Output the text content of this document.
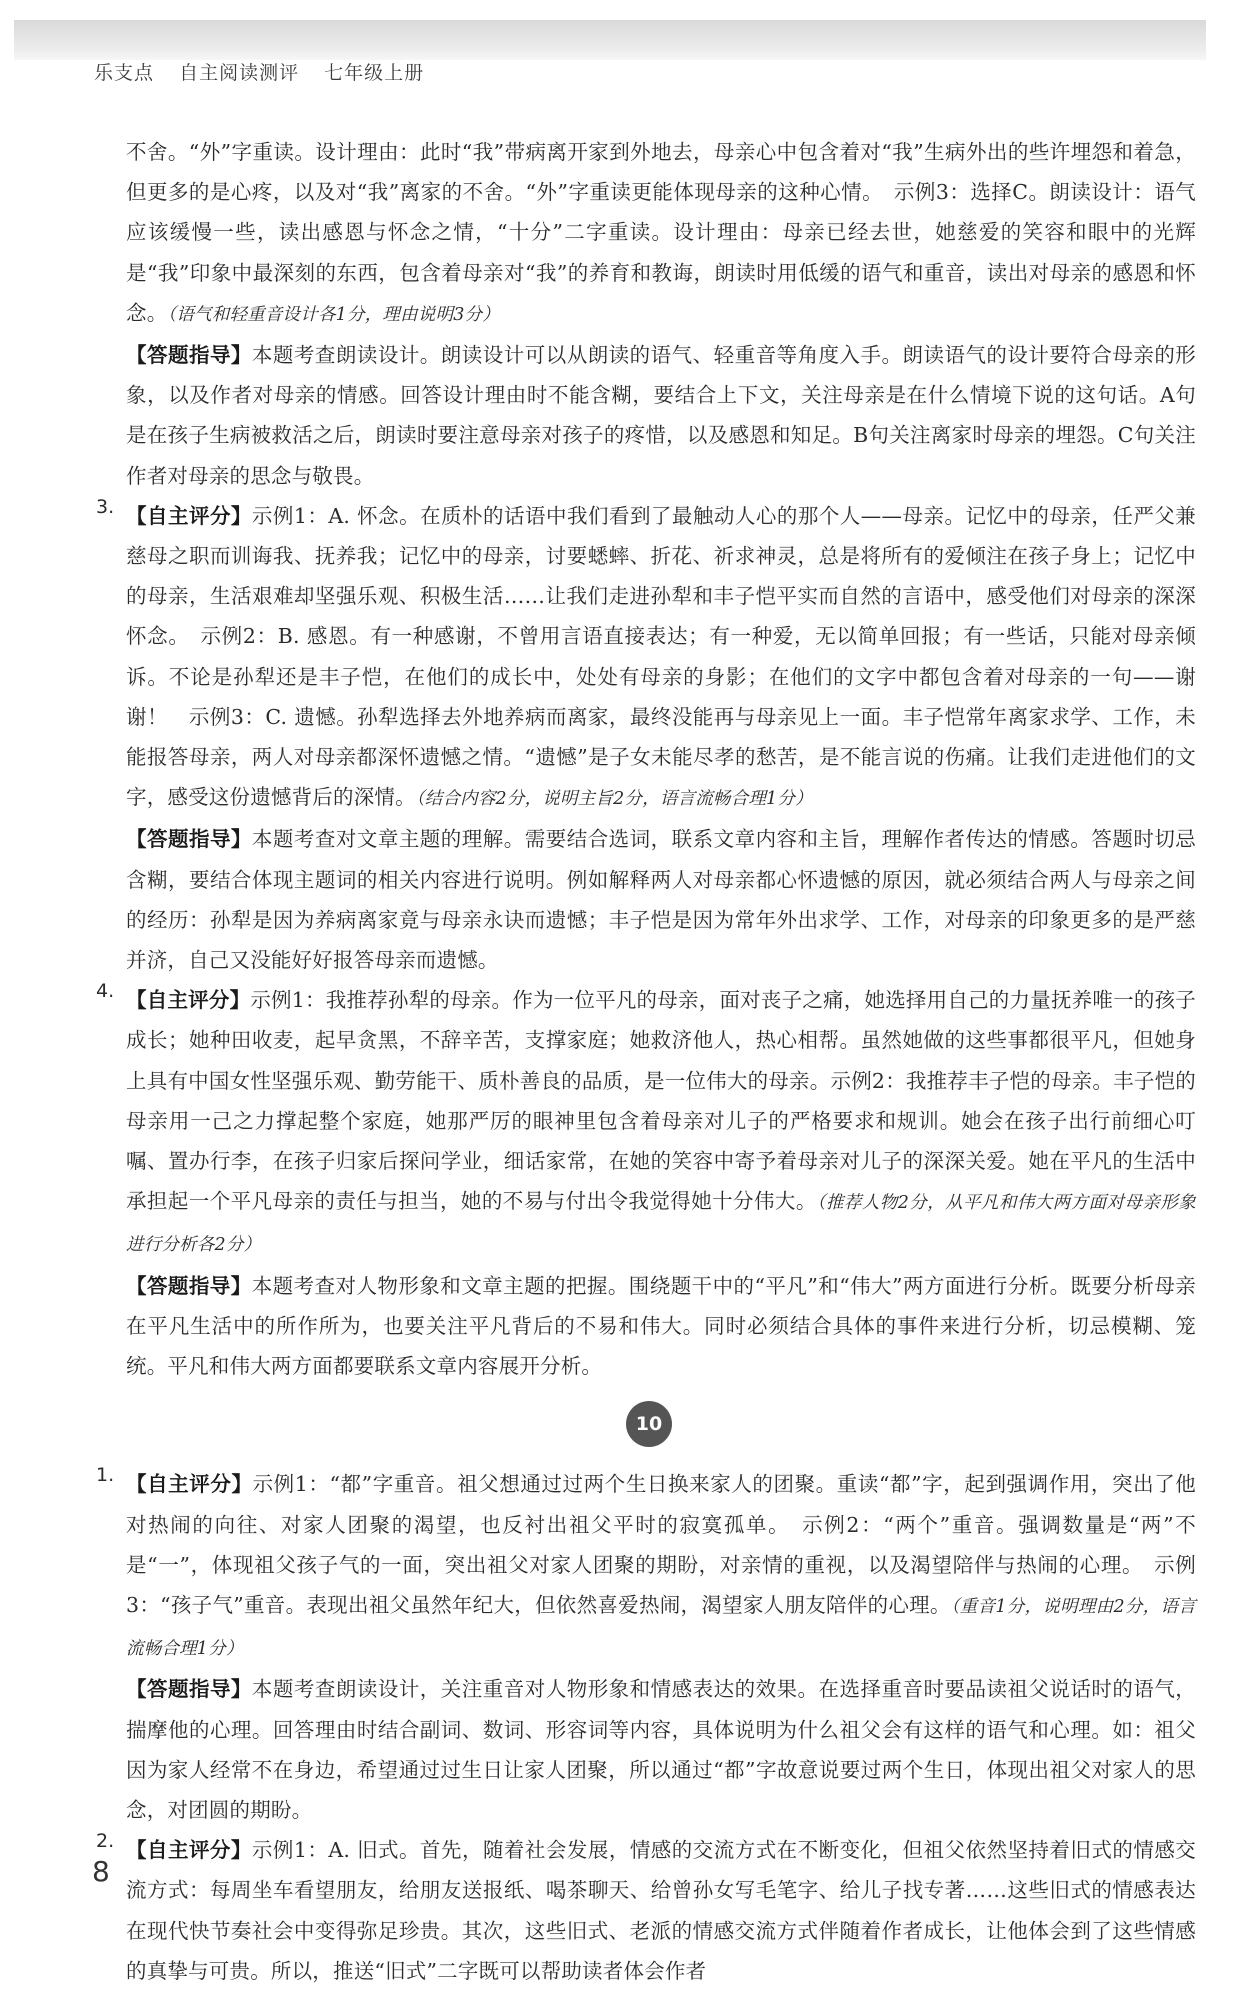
乐支点 自主阅读测评 七年级上册

不舍。“外”字重读。设计理由：此时“我”带病离开家到外地去，母亲心中包含着对“我”生病外出的些许埋怨和着急，但更多的是心疼，以及对“我”离家的不舍。“外”字重读更能体现母亲的这种心情。　示例3：选择C。朗读设计：语气应该缓慢一些，读出感恩与怀念之情，“十分”二字重读。设计理由：母亲已经去世，她慈爱的笑容和眼中的光辉是“我”印象中最深刻的东西，包含着母亲对“我”的养育和教诲，朗读时用低缓的语气和重音，读出对母亲的感恩和怀念。（语气和轻重音设计各1分，理由说明3分）

【答题指导】本题考查朗读设计。朗读设计可以从朗读的语气、轻重音等角度入手。朗读语气的设计要符合母亲的形象，以及作者对母亲的情感。回答设计理由时不能含糊，要结合上下文，关注母亲是在什么情境下说的这句话。A句是在孩子生病被救活之后，朗读时要注意母亲对孩子的疼惜，以及感恩和知足。B句关注离家时母亲的埋怨。C句关注作者对母亲的思念与敬畏。

3. 【自主评分】示例1：A. 怀念。在质朴的话语中我们看到了最触动人心的那个人——母亲。记忆中的母亲，任严父兼慈母之职而训诲我、抚养我；记忆中的母亲，讨要蟋蟀、折花、祈求神灵，总是将所有的爱倾注在孩子身上；记忆中的母亲，生活艰难却坚强乐观、积极生活……让我们走进孙犁和丰子恺平实而自然的言语中，感受他们对母亲的深深怀念。　示例2：B. 感恩。有一种感谢，不曾用言语直接表达；有一种爱，无以简单回报；有一些话，只能对母亲倾诉。不论是孙犁还是丰子恺，在他们的成长中，处处有母亲的身影；在他们的文字中都包含着对母亲的一句——谢谢！　示例3：C. 遗憾。孙犁选择去外地养病而离家，最终没能再与母亲见上一面。丰子恺常年离家求学、工作，未能报答母亲，两人对母亲都深怀遗憾之情。“遗憾”是子女未能尽孝的愁苦，是不能言说的伤痛。让我们走进他们的文字，感受这份遗憾背后的深情。（结合内容2分，说明主旨2分，语言流畅合理1分）

【答题指导】本题考查对文章主题的理解。需要结合选词，联系文章内容和主旨，理解作者传达的情感。答题时切忌含糊，要结合体现主题词的相关内容进行说明。例如解释两人对母亲都心怀遗憾的原因，就必须结合两人与母亲之间的经历：孙犁是因为养病离家竟与母亲永诀而遗憾；丰子恺是因为常年外出求学、工作，对母亲的印象更多的是严慈并济，自己又没能好好报答母亲而遗憾。

4. 【自主评分】示例1：我推荐孙犁的母亲。作为一位平凡的母亲，面对丧子之痛，她选择用自己的力量抚养唯一的孩子成长；她种田收麦，起早贪黑，不辞辛苦，支撑家庭；她救济他人，热心相帮。虽然她做的这些事都很平凡，但她身上具有中国女性坚强乐观、勤劳能干、质朴善良的品质，是一位伟大的母亲。示例2：我推荐丰子恺的母亲。丰子恺的母亲用一己之力撑起整个家庭，她那严厉的眼神里包含着母亲对儿子的严格要求和规训。她会在孩子出行前细心叮嘱、置办行李，在孩子归家后探问学业，细话家常，在她的笑容中寄予着母亲对儿子的深深关爱。她在平凡的生活中承担起一个平凡母亲的责任与担当，她的不易与付出令我觉得她十分伟大。（推荐人物2分，从平凡和伟大两方面对母亲形象进行分析各2分）

【答题指导】本题考查对人物形象和文章主题的把握。围绕题干中的“平凡”和“伟大”两方面进行分析。既要分析母亲在平凡生活中的所作所为，也要关注平凡背后的不易和伟大。同时必须结合具体的事件来进行分析，切忌模糊、笼统。平凡和伟大两方面都要联系文章内容展开分析。

10
1. 【自主评分】示例1：“都”字重音。祖父想通过过两个生日换来家人的团聚。重读“都”字，起到强调作用，突出了他对热闹的向往、对家人团聚的渴望，也反衬出祖父平时的寂寞孤单。　示例2：“两个”重音。强调数量是“两”不是“一”，体现祖父孩子气的一面，突出祖父对家人团聚的期盼，对亲情的重视，以及渴望陪伴与热闹的心理。　示例3：“孩子气”重音。表现出祖父虽然年纪大，但依然喜爱热闹，渴望家人朋友陪伴的心理。（重音1分，说明理由2分，语言流畅合理1分）

【答题指导】本题考查朗读设计，关注重音对人物形象和情感表达的效果。在选择重音时要品读祖父说话时的语气，揣摩他的心理。回答理由时结合副词、数词、形容词等内容，具体说明为什么祖父会有这样的语气和心理。如：祖父因为家人经常不在身边，希望通过过生日让家人团聚，所以通过“都”字故意说要过两个生日，体现出祖父对家人的思念，对团圆的期盼。

2. 【自主评分】示例1：A. 旧式。首先，随着社会发展，情感的交流方式在不断变化，但祖父依然坚持着旧式的情感交流方式：每周坐车看望朋友，给朋友送报纸、喝茶聊天、给曾孙女写毛笔字、给儿子找专著……这些旧式的情感表达在现代快节奏社会中变得弥足珍贵。其次，这些旧式、老派的情感交流方式伴随着作者成长，让他体会到了这些情感的真挚与可贵。所以，推送“旧式”二字既可以帮助读者体会作者

8
